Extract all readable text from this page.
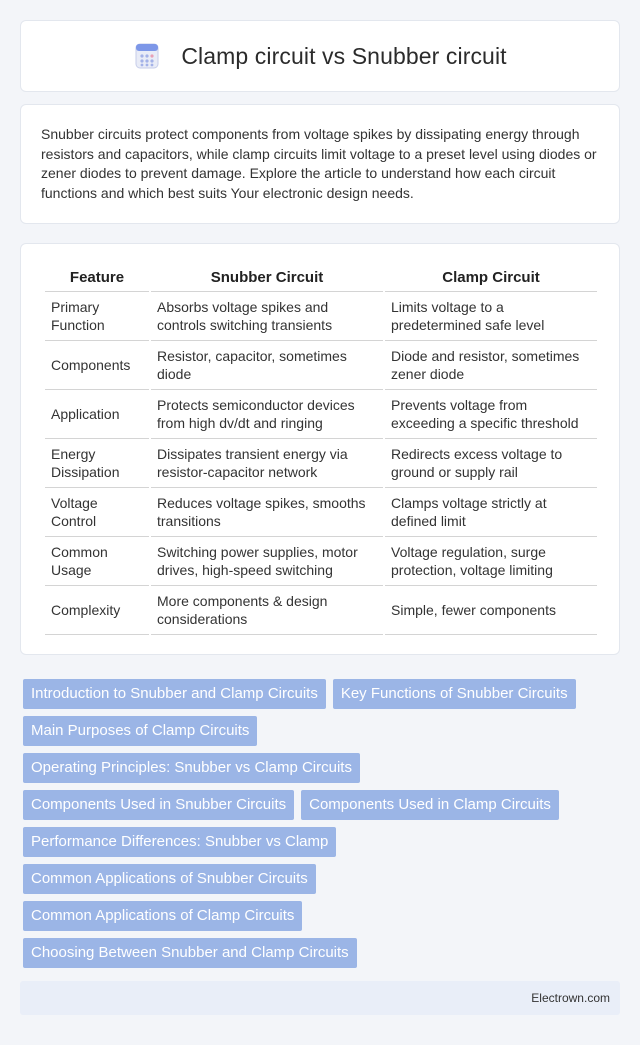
Clamp circuit vs Snubber circuit

Snubber circuits protect components from voltage spikes by dissipating energy through resistors and capacitors, while clamp circuits limit voltage to a preset level using diodes or zener diodes to prevent damage. Explore the article to understand how each circuit functions and which best suits Your electronic design needs.

Feature	Snubber Circuit	Clamp Circuit
Primary Function	Absorbs voltage spikes and controls switching transients	Limits voltage to a predetermined safe level
Components	Resistor, capacitor, sometimes diode	Diode and resistor, sometimes zener diode
Application	Protects semiconductor devices from high dv/dt and ringing	Prevents voltage from exceeding a specific threshold
Energy Dissipation	Dissipates transient energy via resistor-capacitor network	Redirects excess voltage to ground or supply rail
Voltage Control	Reduces voltage spikes, smooths transitions	Clamps voltage strictly at defined limit
Common Usage	Switching power supplies, motor drives, high-speed switching	Voltage regulation, surge protection, voltage limiting
Complexity	More components & design considerations	Simple, fewer components
Introduction to Snubber and Clamp Circuits	Key Functions of Snubber Circuits
Main Purposes of Clamp Circuits
Operating Principles: Snubber vs Clamp Circuits
Components Used in Snubber Circuits	Components Used in Clamp Circuits
Performance Differences: Snubber vs Clamp
Common Applications of Snubber Circuits
Common Applications of Clamp Circuits
Choosing Between Snubber and Clamp Circuits
Electrown.com
